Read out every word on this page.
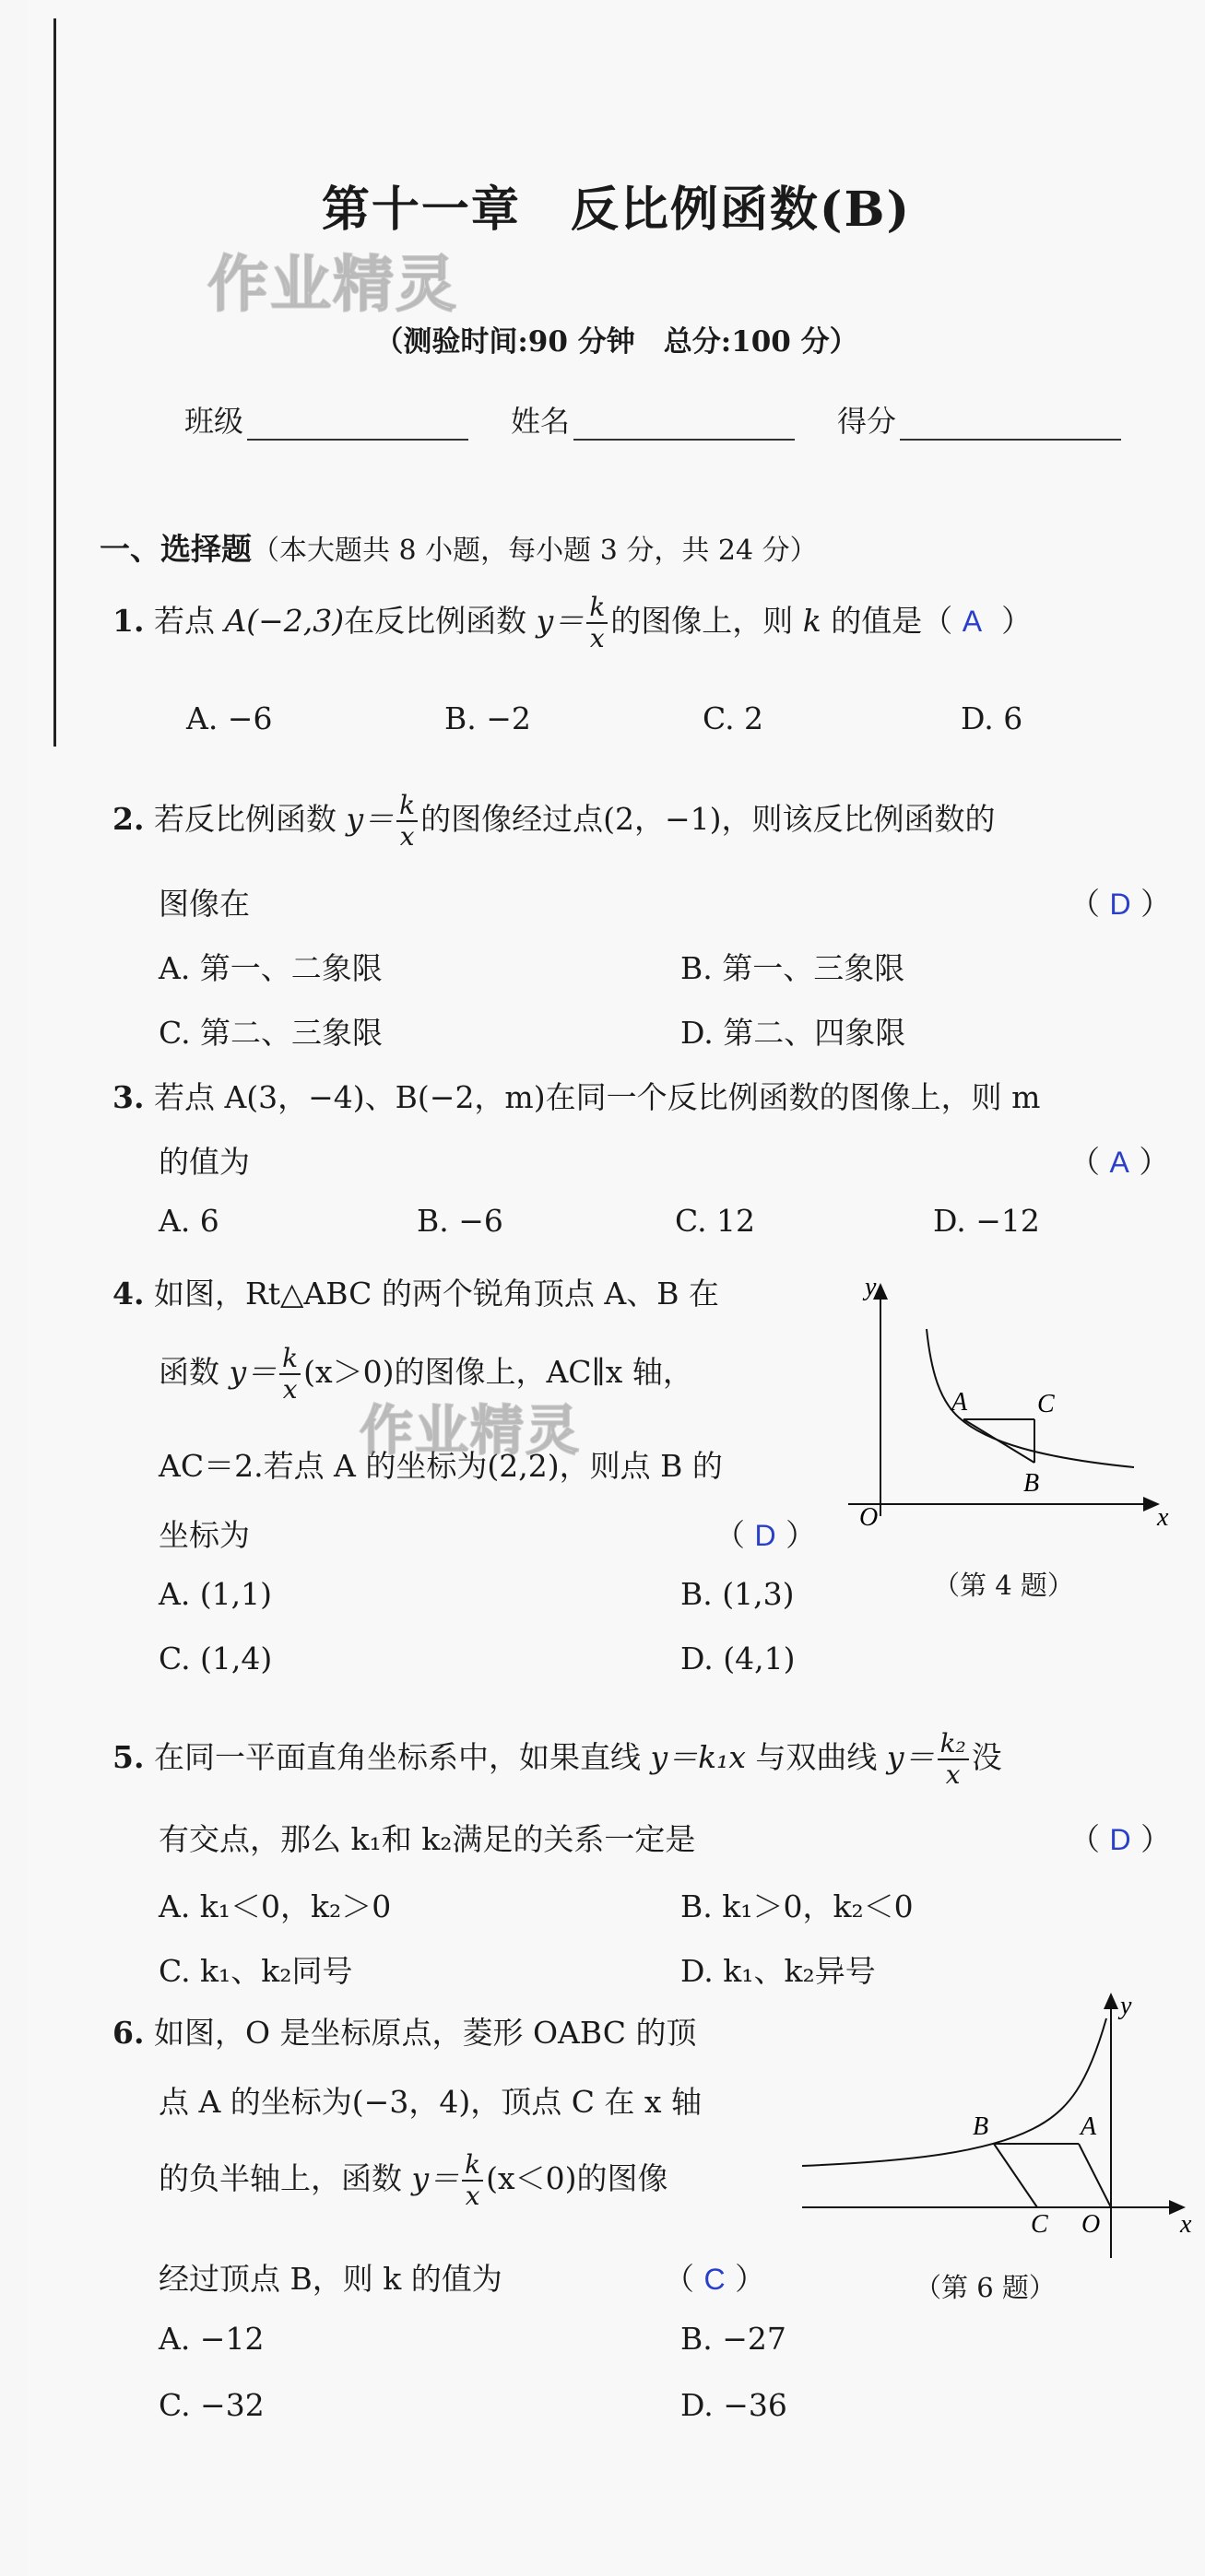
作业精灵
第十一章　反比例函数(B)
（测验时间:90 分钟　总分:100 分）
班级	姓名	得分
一、选择题（本大题共 8 小题，每小题 3 分，共 24 分）
1. 若点 A(−2,3)在反比例函数 $y= \frac{k}{x}$ 的图像上，则 k 的值是（ A ）
A. −6	B. −2	C. 2	D. 6
2. 若反比例函数 $y= \frac{k}{x}$ 的图像经过点(2，−1)，则该反比例函数的
图像在	（ D ）
A. 第一、二象限	B. 第一、三象限
C. 第二、三象限	D. 第二、四象限
3. 若点 A(3，−4)、B(−2，m)在同一个反比例函数的图像上，则 m
的值为	（ A ）
A. 6	B. −6	C. 12	D. −12
4. 如图，Rt△ABC 的两个锐角顶点 A、B 在
函数 $y= \frac{k}{x} (x>0)$的图像上，AC∥x 轴，
AC＝2.若点 A 的坐标为(2,2)，则点 B 的
坐标为	（ D ）
A. (1,1)	B. (1,3)
C. (1,4)	D. (4,1)
作业精灵
y
x
O
A	C
B
（第 4 题）
5. 在同一平面直角坐标系中，如果直线 y＝k₁x 与双曲线 $y= \frac{\text{k₂}}{x}$ 没
有交点，那么 k₁和 k₂满足的关系一定是	（ D ）
A. k₁＜0，k₂＞0	B. k₁＞0，k₂＜0
C. k₁、k₂同号	D. k₁、k₂异号
6. 如图，O 是坐标原点，菱形 OABC 的顶
点 A 的坐标为(−3，4)，顶点 C 在 x 轴
的负半轴上，函数 $y= \frac{k}{x} (x<0)$的图像
经过顶点 B，则 k 的值为	（ C ）
A. −12	B. −27
C. −32	D. −36
y
x
O
A
B
C
（第 6 题）
